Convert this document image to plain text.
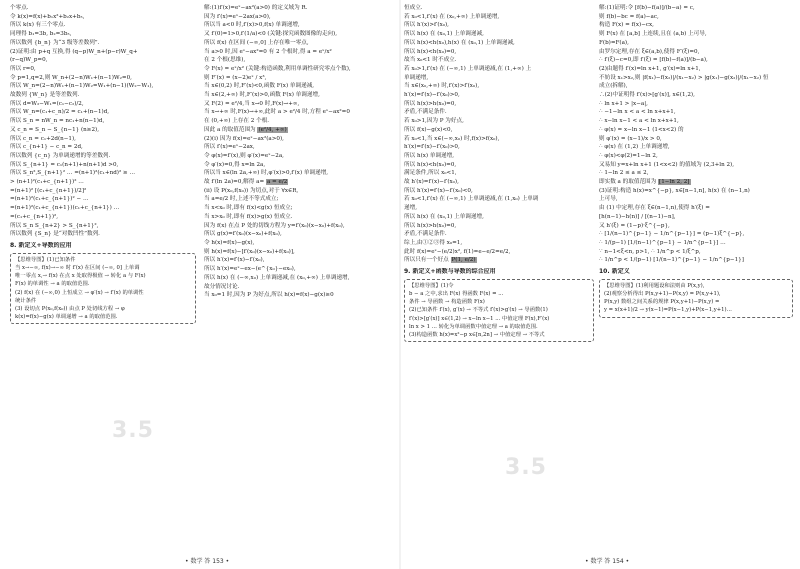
个零点.

令 k(x)=f(x)+b₁x²+b₂x+b₃,

所以 k(x) 有三个零点.

同理得 b₁=3b, b₂=3b₃,

所以数列 {b_n} 为“3 级等差数列”.

(2)证明:由 p+q 互换,得 (q−p)W_n+(p−r)W_q+

(r−q)W_p=0,

所以 r=0,

令 p=1,q=2,则 W_n+(2−n)W₁+(n−1)W₂=0,

所以 W_n=(2−n)W₁+(n−1)W₂=W₁+(n−1)(W₂−W₁),

故数列 {W_n} 是等差数列.

所以 d=W₂−W₁=(c₁−c₂)/2,

所以 W_n=(c₁+c_n)/2 = c₁+(n−1)d,

所以 S_n = nW_n = nc₁+n(n−1)d,

又 c_n = S_n − S_{n−1} (n≥2),

所以 c_n = c₁+2d(n−1),

所以 c_{n+1} − c_n = 2d,

所以数列 {c_n} 为单调递增的等差数列.

所以 S_{n+1} = c₁(n+1)+n(n+1)d >0,

所以 S_n²,S_{n+1}² … =(n+1)²(c₁+nd)² ≥ …

> (n+1)²(c₁+c_{n+1})² …

=(n+1)² [(c₁+c_{n+1})/2]²

=(n+1)²(c₁+c_{n+1})² − …

=(n+1)²(c₁+c_{n+1})(c₁+c_{n+1}) …

=(c₁+c_{n+1})²,

所以 S_n S_{n+2} > S_{n+1}²,

所以数列 {S_n} 是“对数凹性”数列.

8. 新定义+导数的应用

【思维导图】(1)已知条件

当 x→−∞, f(x)→−∞ 时 f′(x) 在区间 (−∞, 0] 上单调

唯一零点 x,→ f(x) 在点 x 处取得极值 → 转化 a 与 F(x)

F(x) 的单调性 → a 的取值范围.

(2) f(x) 在 (−∞,0) 上恒成立 → φ′(x) → f′(x) 的单调性

统计条件

(3) 设切点 P(x₀,f(x₀)) 由点 P 处切线方程 → φ

k(x)=f(x)−g(x) 单调递增 → a 的取值范围.

解:(1)f′(x)=eˣ−ax²(a>0) 的定义域为 R.

因为 f′(x)=eˣ−2ax(a>0),

所以当 a<0 时,f′(x)>0,f(x) 单调递增,

又 f′(0)=1>0,f′(1/a)<0 (关键:探究函数图像的走向),

所以 f(x) 在区间 (−∞,0] 上存在唯一零点,

当 a>0 时,因 eˣ−ax²=0 有 2 个根时,得 a = eˣ/x²

在 2 个根(思维),

令 F(x) = eˣ/x² (关键:构造函数,利用单调性研究零点个数),

则 F′(x) = (x−2)eˣ / x³,

当 x∈(0,2) 时,F′(x)<0,函数 F(x) 单调递减,

当 x∈(2,+∞) 时,F′(x)>0,函数 F(x) 单调递增,

又 F(2) = e²/4,当 x→0 时,F(x)→+∞,

当 x→+∞ 时,F(x)→+∞,此时 a > e²/4 时,方程 eˣ−ax²=0

在 (0,+∞) 上存在 2 个根.

因此 a 的取值范围为 (e²/4, +∞)

(2)(i) 因为 f(x)=eˣ−ax²(a>0),

所以 f′(x)=eˣ−2ax,

令 φ(x)=f′(x),则 φ′(x)=eˣ−2a,

令 φ′(x)=0,得 x=ln 2a,

所以当 x∈(ln 2a,+∞) 时,φ′(x)>0,f′(x) 单调递增,

故 f′(ln 2a)=0,解得 a= a = e/2

(ii) 设 P(x₀,f(x₀)) 为切点,对于 ∀x∈R,

当 a=e/2 时,上述不等式成立;

当 x<x₀ 时,即有 f(x)<g(x) 恒成立;

当 x>x₀ 时,即有 f(x)>g(x) 恒成立.

因为 f(x) 在点 P 处的切线方程为 y=f′(x₀)(x−x₀)+f(x₀),

所以 g(x)=f′(x₀)(x−x₀)+f(x₀),

令 h(x)=f(x)−g(x),

则 h(x)=f(x)−[f′(x₀)(x−x₀)+f(x₀)],

所以 h′(x)=f′(x)−f′(x₀),

所以 h′(x)=eˣ−ex−(e^{x₀}−ex₀),

所以 h(x) 在 (−∞,x₀) 上单调递减,在 (x₀,+∞) 上单调递增,

故分情况讨论.

当 x₀=1 时,因为 P 为好点,所以 h(x)=f(x)−g(x)≥0

恒成立.

若 x₀<1,f′(x) 在 (x₀,+∞) 上单调递增,

所以 h′(x)>f′(x₀),

所以 h(x) 在 (x₀,1) 上单调递减,

所以 h(x)<h(x₀),h(x) 在 (x₀,1) 上单调递减,

所以 h(x)<h(x₀)=0,

故当 x₀<1 时不成立.

若 x₀>1,f′(x) 在 (−∞,1) 上单调递减,在 (1,+∞) 上

单调递增,

当 x∈(x₀,+∞) 时,f′(x)>f′(x₀),

h′(x)=f′(x)−f′(x₀)>0,

所以 h(x)>h(x₀)=0,

矛盾,不满足条件.

若 x₀>1,因为 P 为好点,

所以 f(x)−g(x)<0,

若 x₀<1,当 x∈(−∞,x₀) 时,f(x)>f(x₀),

h′(x)=f′(x)−f′(x₀)>0,

所以 h(x) 单调递增,

所以 h(x)<h(x₀)=0,

满足条件,所以 x₀<1,

故 h′(x)=f′(x)−f′(x₀),

所以 h′(x)=f′(x)−f′(x₀)<0,

若 x₀<1,f′(x) 在 (−∞,1) 上单调递减,在 (1,x₀) 上单调

递增,

所以 h(x) 在 (x₀,1) 上单调递增,

所以 h(x)>h(x₀)=0,

矛盾,不满足条件.

综上,由①②③得 x₀=1,

此时 f(x)=eˣ−(e/2)x², f(1)=e−e/2=e/2,

所以只有一个好点 P(1, e/2)

9. 新定义+函数与导数的综合应用

【思维导图】(1)令

b − a 之中,求出 F(x) 得函数 F(x) = ...

条件 → 导函数 → 构造函数 F(x)

(2)已知条件 f′(x), g′(x) → 不等式 f′(x)>g′(x) → 导函数(1)

f′(x)>[g′(x)] x∈(1,2) → x−ln x−1 ... 中值定理 F(x),F′(x)

ln x > 1 … 转化为单调函数中值定理 → a 的取值范围.

(3)构造函数 h(x)=x²−p x∈[n,2n] → 中值定理 → 不等式

解:(1)证明:令 [f(b)−f(a)]/(b−a) = c,

则 f(b)−bc = f(a)−ac,

构造 F(x) = f(x)−cx,

则 F(x) 在 [a,b] 上连续,且在 (a,b) 上可导,

F(b)=F(a),

由罗尔定理,存在 ξ∈(a,b),使得 F′(ξ)=0,

∴ f′(ξ)−c=0,即 f′(ξ) = [f(b)−f(a)]/(b−a),

(2)由题得 f′(x)=ln x+1, g′(x)=ln x+1,

不妨设 x₁>x₂,则 |f(x₁)−f(x₂)|/(x₁−x₂) > |g(x₁)−g(x₂)|/(x₁−x₂) 恒

成立(拆解),

∴(2)中证明得 f′(x)>[g′(x)], x∈(1,2),

∴ ln x+1 > |x−a|,

∴ −1−ln x < a < ln x+x+1,

∴ x−ln x−1 < a < ln x+x+1,

∴ φ(x) = x−ln x−1 (1<x<2) 的

则 φ′(x) = (x−1)/x > 0,

∴ φ(x) 在 (1,2) 上单调递增,

∴ φ(x)<φ(2)=1−ln 2,

又易知 y=x+ln x+1 (1<x<2) 的值域为 (2,3+ln 2),

∴ 1−ln 2 ≤ a ≤ 2,

即实数 a 的取值范围为 [1−ln 2, 2]

(3)证明:构造 h(x)=x^{−p}, x∈[n−1,n], h(x) 在 (n−1,n)

上可导,

由 (1) 中定理,存在 ξ∈(n−1,n),使得 h′(ξ) =

[h(n−1)−h(n)] / [(n−1)−n],

又 h′(ξ) = (1−p)·ξ^{−p},

∴ [1/(n−1)^{p−1} − 1/n^{p−1}] = (p−1)ξ^{−p},

∴ 1/(p−1) [1/(n−1)^{p−1} − 1/n^{p−1}] …

∵ n−1<ξ<n, p>1, ∴ 1/n^p < 1/ξ^p,

∴ 1/n^p < 1/(p−1) [1/(n−1)^{p−1} − 1/n^{p−1}]

10. 新定义

【思维导图】(1)利用题设和法则由 P(x,y),

(2)观察分析得出 P(x,y+1)−P(x,y) = P(x,y+1),

P(x,y) 数组之间关系的规律 P(x,y+1)−P(x,y) =

y = x(x+1)/2 → y(x−1)=P(x−1,y)+P(x−1,y+1)…

3.5
3.5
• 数学 答 153 •	• 数学 答 154 •
